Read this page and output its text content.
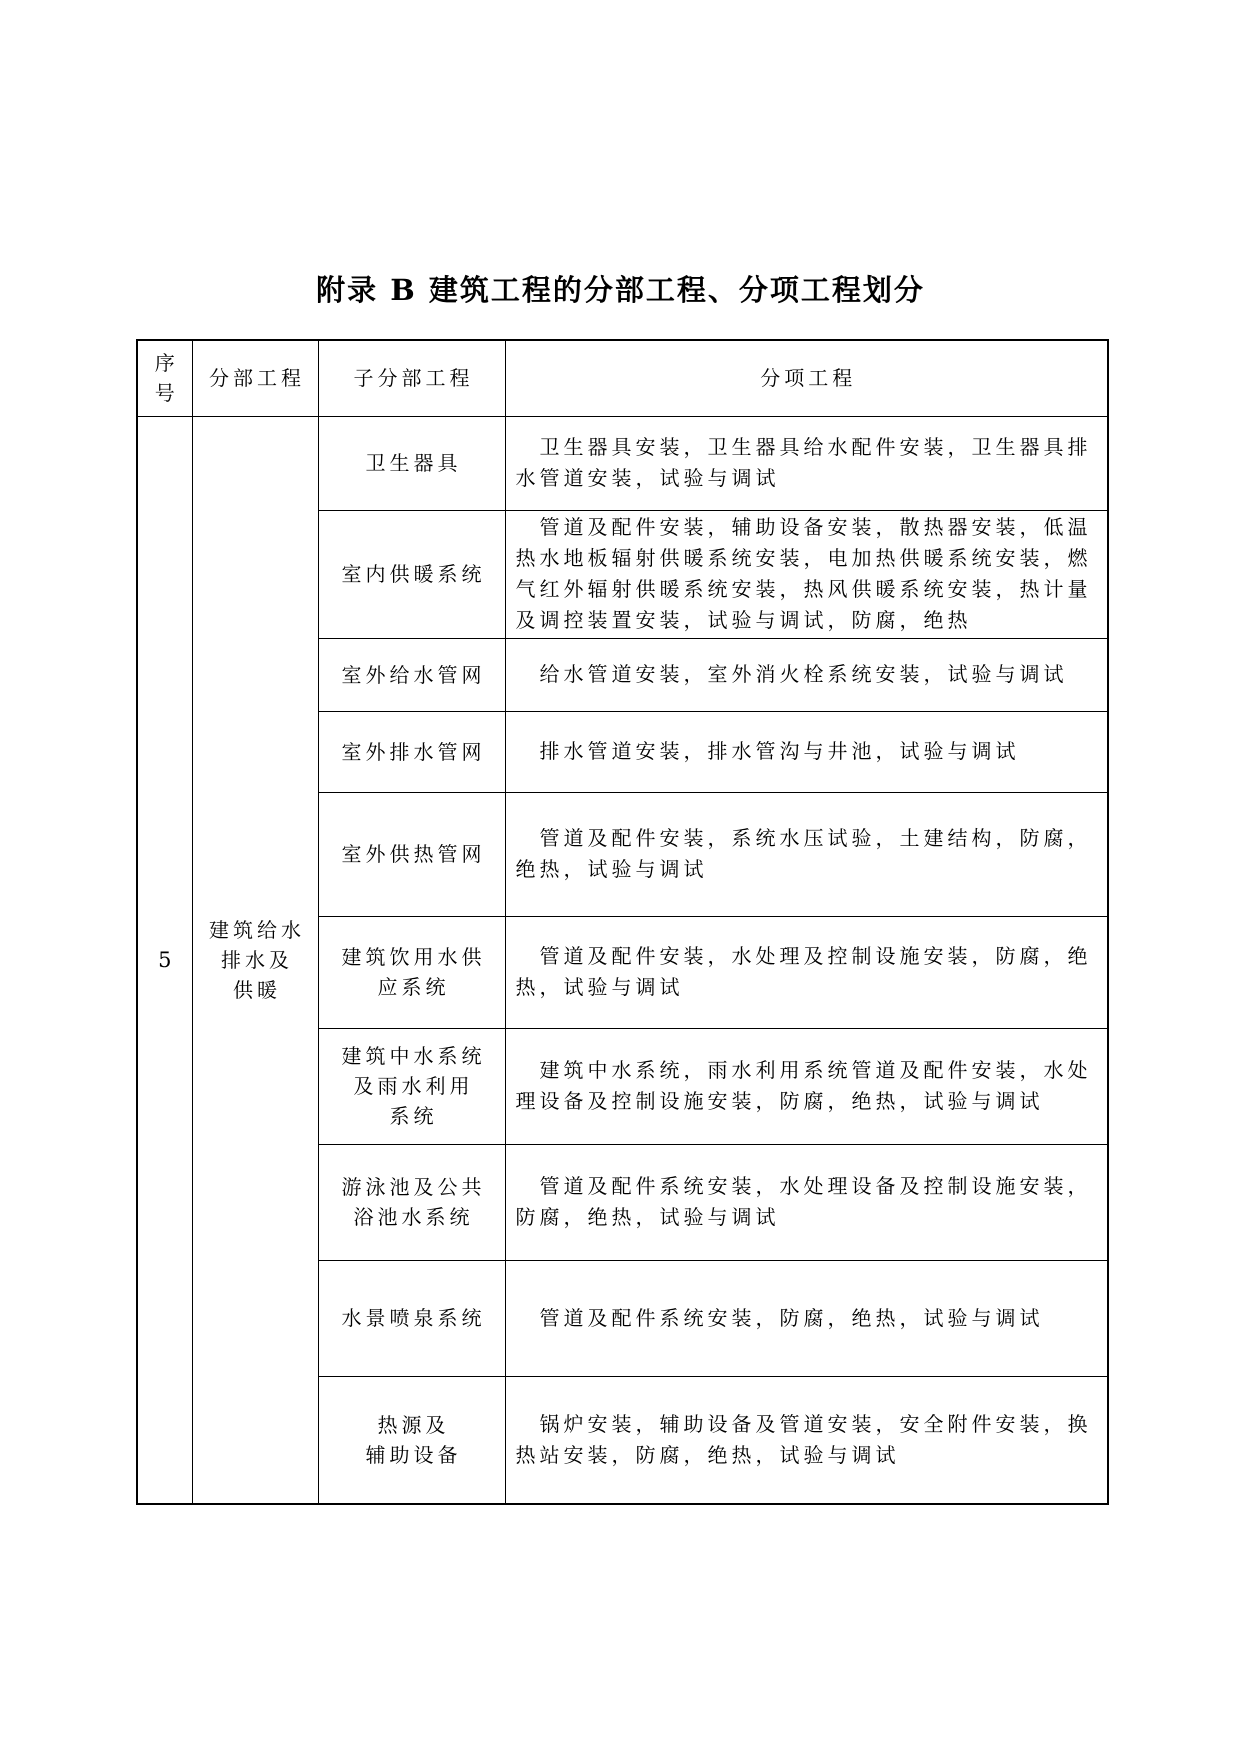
附录 B 建筑工程的分部工程、分项工程划分
序
号	分部工程	子分部工程	分项工程
5	建筑给水
排水及
供暖	卫生器具	卫生器具安装，卫生器具给水配件安装，卫生器具排
水管道安装，试验与调试
		室内供暖系统	管道及配件安装，辅助设备安装，散热器安装，低温
热水地板辐射供暖系统安装，电加热供暖系统安装，燃
气红外辐射供暖系统安装，热风供暖系统安装，热计量
及调控装置安装，试验与调试，防腐，绝热
		室外给水管网	给水管道安装，室外消火栓系统安装，试验与调试
		室外排水管网	排水管道安装，排水管沟与井池，试验与调试
		室外供热管网	管道及配件安装，系统水压试验，土建结构，防腐，
绝热，试验与调试
		建筑饮用水供
应系统	管道及配件安装，水处理及控制设施安装，防腐，绝
热，试验与调试
		建筑中水系统
及雨水利用
系统	建筑中水系统，雨水利用系统管道及配件安装，水处
理设备及控制设施安装，防腐，绝热，试验与调试
		游泳池及公共
浴池水系统	管道及配件系统安装，水处理设备及控制设施安装，
防腐，绝热，试验与调试
		水景喷泉系统	管道及配件系统安装，防腐，绝热，试验与调试
		热源及
辅助设备	锅炉安装，辅助设备及管道安装，安全附件安装，换
热站安装，防腐，绝热，试验与调试
